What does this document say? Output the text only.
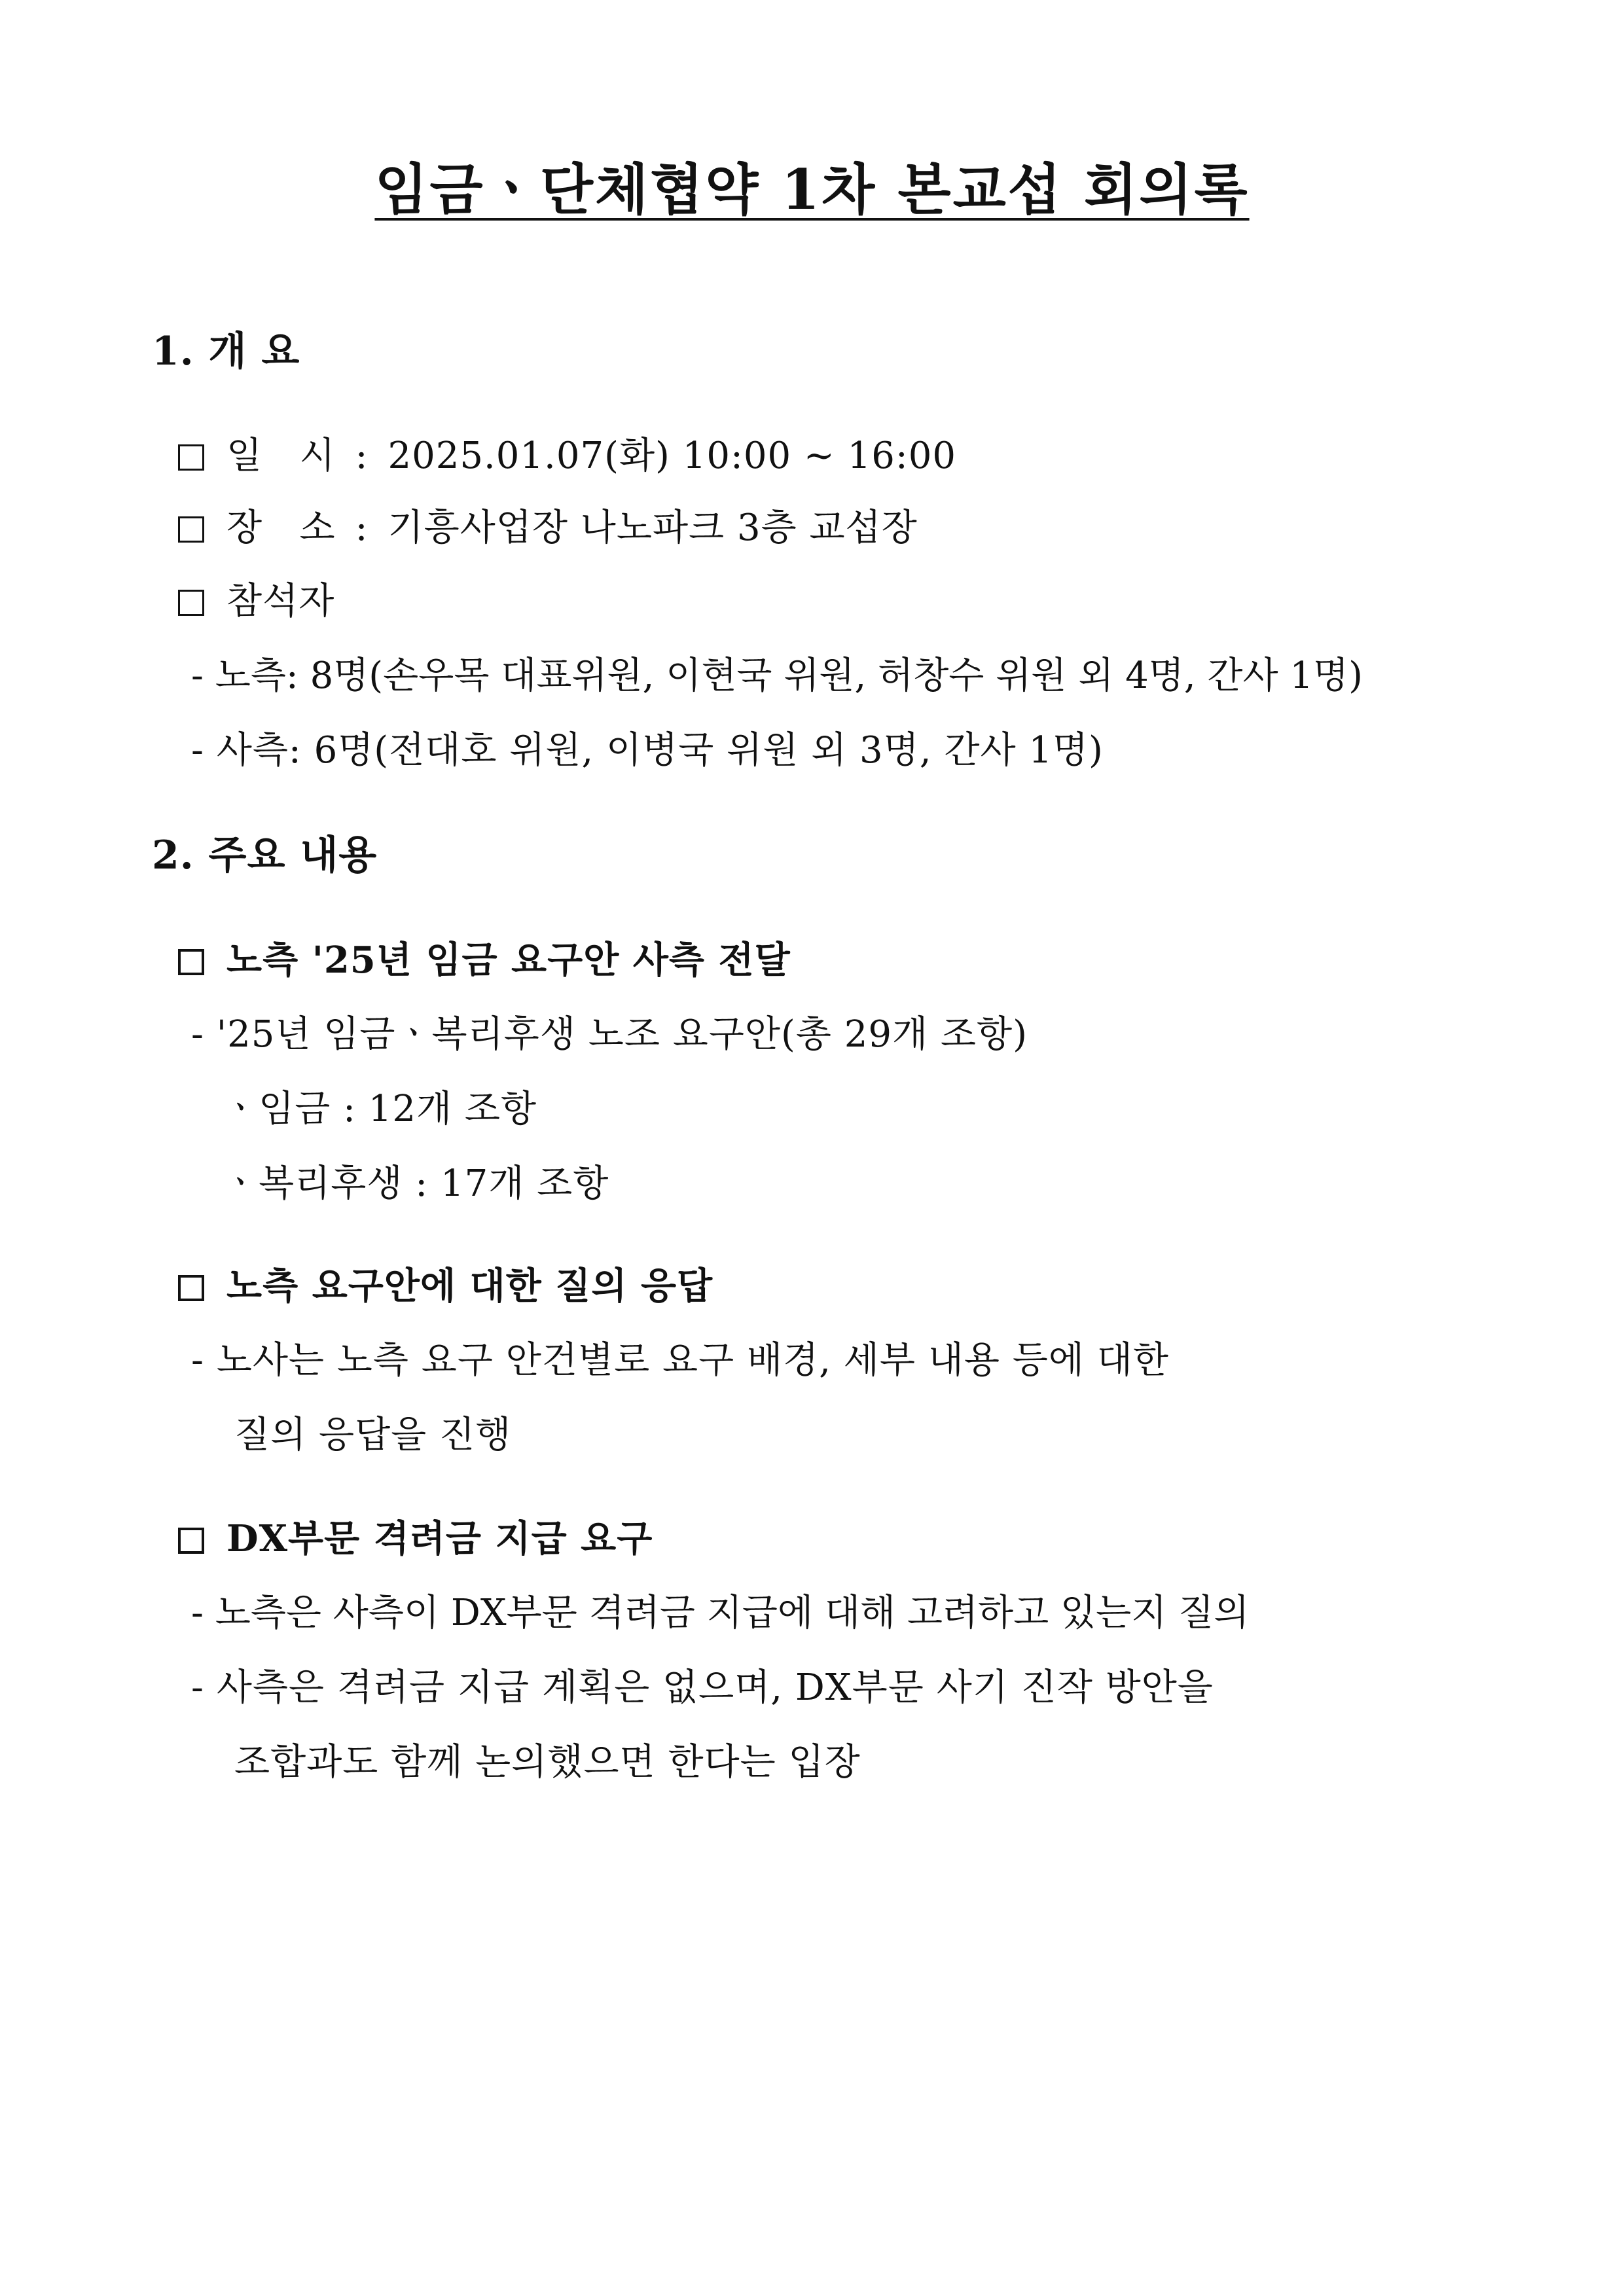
임금ㆍ단체협약 1차 본교섭 회의록
1. 개 요
일   시 : 2025.01.07(화) 10:00 ~ 16:00
장   소 : 기흥사업장 나노파크 3층 교섭장
참석자
- 노측: 8명(손우목 대표위원, 이현국 위원, 허창수 위원 외 4명, 간사 1명)
- 사측: 6명(전대호 위원, 이병국 위원 외 3명, 간사 1명)
2. 주요 내용
노측 '25년 임금 요구안 사측 전달
- '25년 임금ㆍ복리후생 노조 요구안(총 29개 조항)
ㆍ임금 : 12개 조항
ㆍ복리후생 : 17개 조항
노측 요구안에 대한 질의 응답
- 노사는 노측 요구 안건별로 요구 배경, 세부 내용 등에 대한
질의 응답을 진행
DX부문 격려금 지급 요구
- 노측은 사측이 DX부문 격려금 지급에 대해 고려하고 있는지 질의
- 사측은 격려금 지급 계획은 없으며, DX부문 사기 진작 방안을
조합과도 함께 논의했으면 한다는 입장
